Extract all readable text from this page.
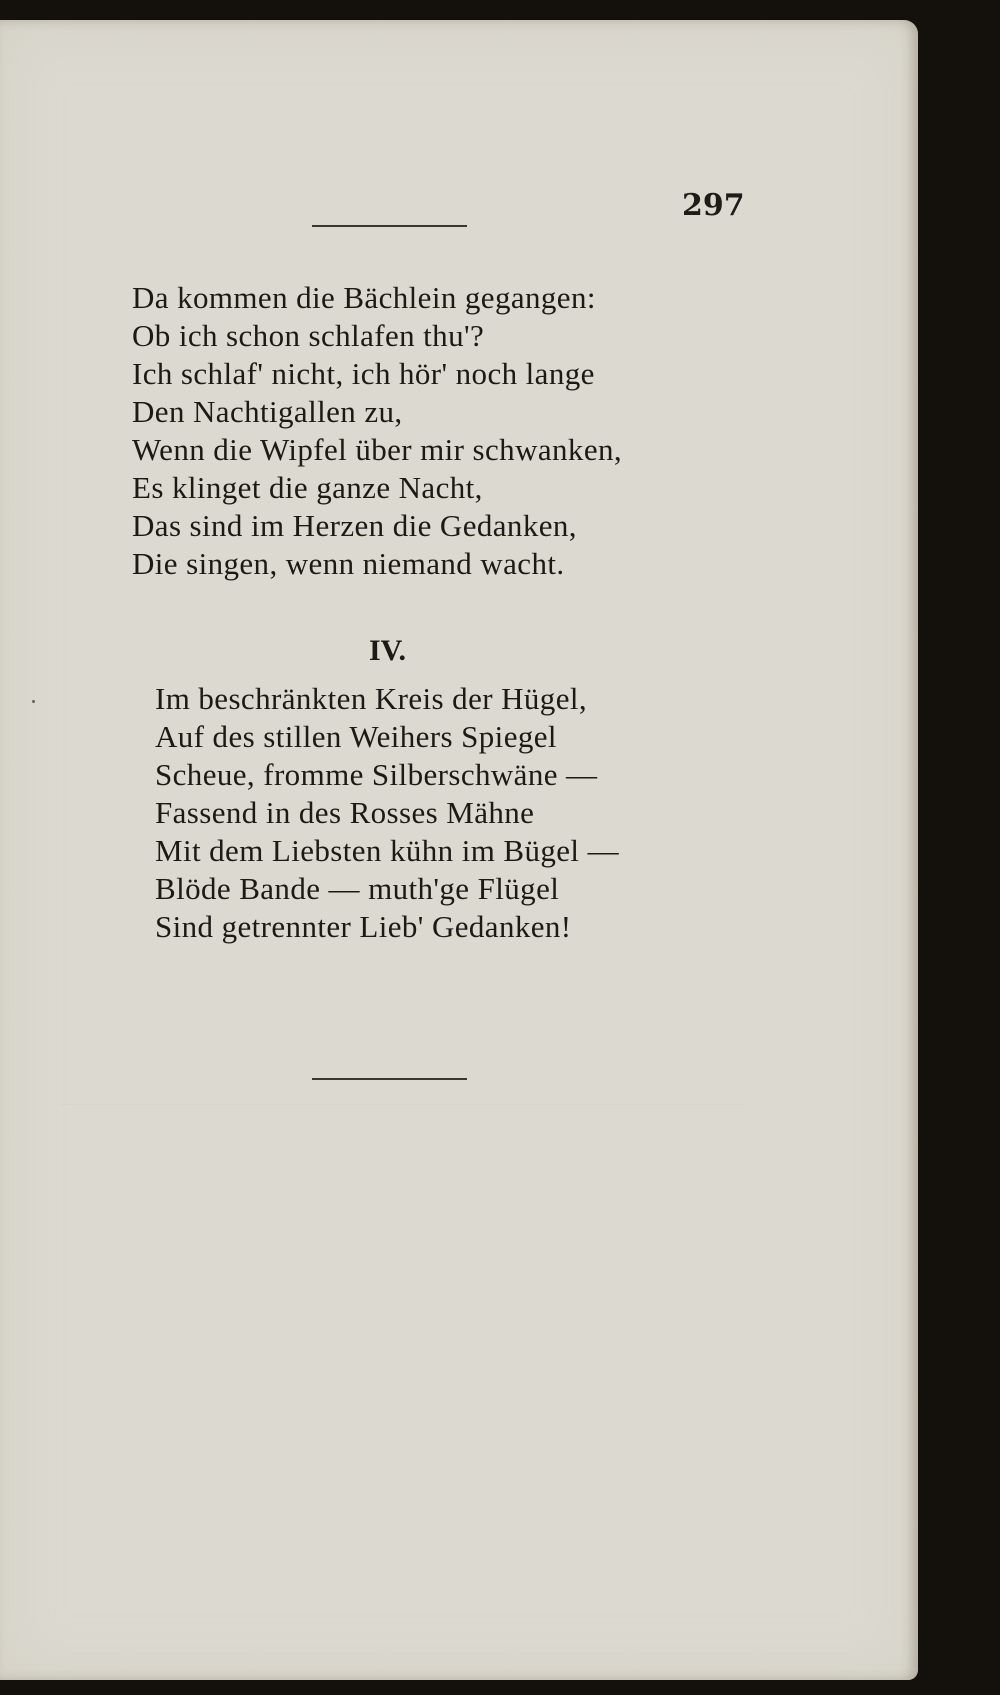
297
Da kommen die Bächlein gegangen:
Ob ich schon schlafen thu'?
Ich schlaf' nicht, ich hör' noch lange
Den Nachtigallen zu,
Wenn die Wipfel über mir schwanken,
Es klinget die ganze Nacht,
Das sind im Herzen die Gedanken,
Die singen, wenn niemand wacht.
IV.
Im beschränkten Kreis der Hügel,
Auf des stillen Weihers Spiegel
Scheue, fromme Silberschwäne —
Fassend in des Rosses Mähne
Mit dem Liebsten kühn im Bügel —
Blöde Bande — muth'ge Flügel
Sind getrennter Lieb' Gedanken!
